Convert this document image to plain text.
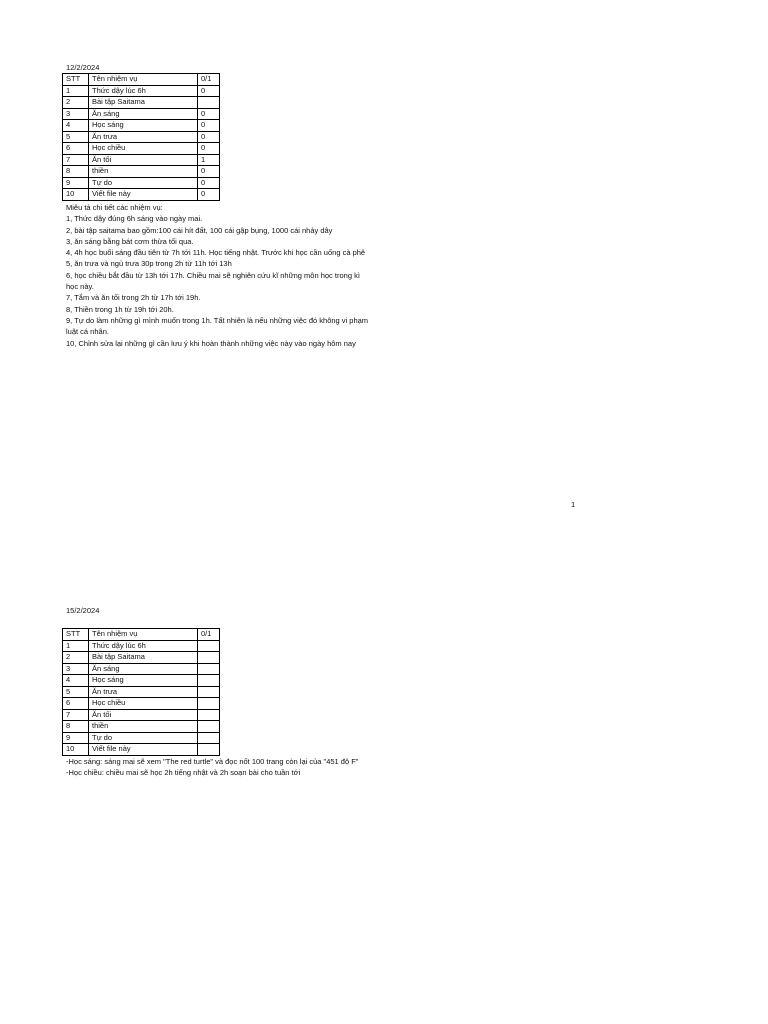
12/2/2024
STT	Tên nhiệm vụ	0/1
1	Thức dậy lúc 6h	0
2	Bài tập Saitama	
3	Ăn sáng	0
4	Học sáng	0
5	Ăn trưa	0
6	Học chiều	0
7	Ăn tối	1
8	thiền	0
9	Tự do	0
10	Viết file này	0

Miêu tả chi tiết các nhiệm vụ:

1, Thức dậy đúng 6h sáng vào ngày mai.

2, bài tập saitama bao gồm:100 cái hít đất, 100 cái gập bụng, 1000 cái nhảy dây

3, ăn sáng bằng bát cơm thừa tối qua.

4, 4h học buổi sáng đầu tiên từ 7h tới 11h. Học tiếng nhật. Trước khi học cần uống cà phê

5, ăn trưa và ngủ trưa 30p trong 2h từ 11h tới 13h

6, học chiều bắt đầu từ 13h tới 17h. Chiều mai sẽ nghiên cứu kĩ những môn học trong kì học này.

7, Tắm và ăn tối trong 2h từ 17h tới 19h.

8, Thiền trong 1h từ 19h tới 20h.

9, Tự do làm những gì mình muốn trong 1h. Tất nhiên là nếu những việc đó không vi phạm luật cá nhân.

10, Chỉnh sửa lại những gì cần lưu ý khi hoàn thành những việc này vào ngày hôm nay

1
15/2/2024
STT	Tên nhiệm vụ	0/1
1	Thức dậy lúc 6h	
2	Bài tập Saitama	
3	Ăn sáng	
4	Học sáng	
5	Ăn trưa	
6	Học chiều	
7	Ăn tối	
8	thiền	
9	Tự do	
10	Viết file này	

-Học sáng: sáng mai sẽ xem "The red turtle" và đọc nốt 100 trang còn lại của "451 độ F"

-Học chiều: chiều mai sẽ học 2h tiếng nhật và 2h soạn bài cho tuần tới
